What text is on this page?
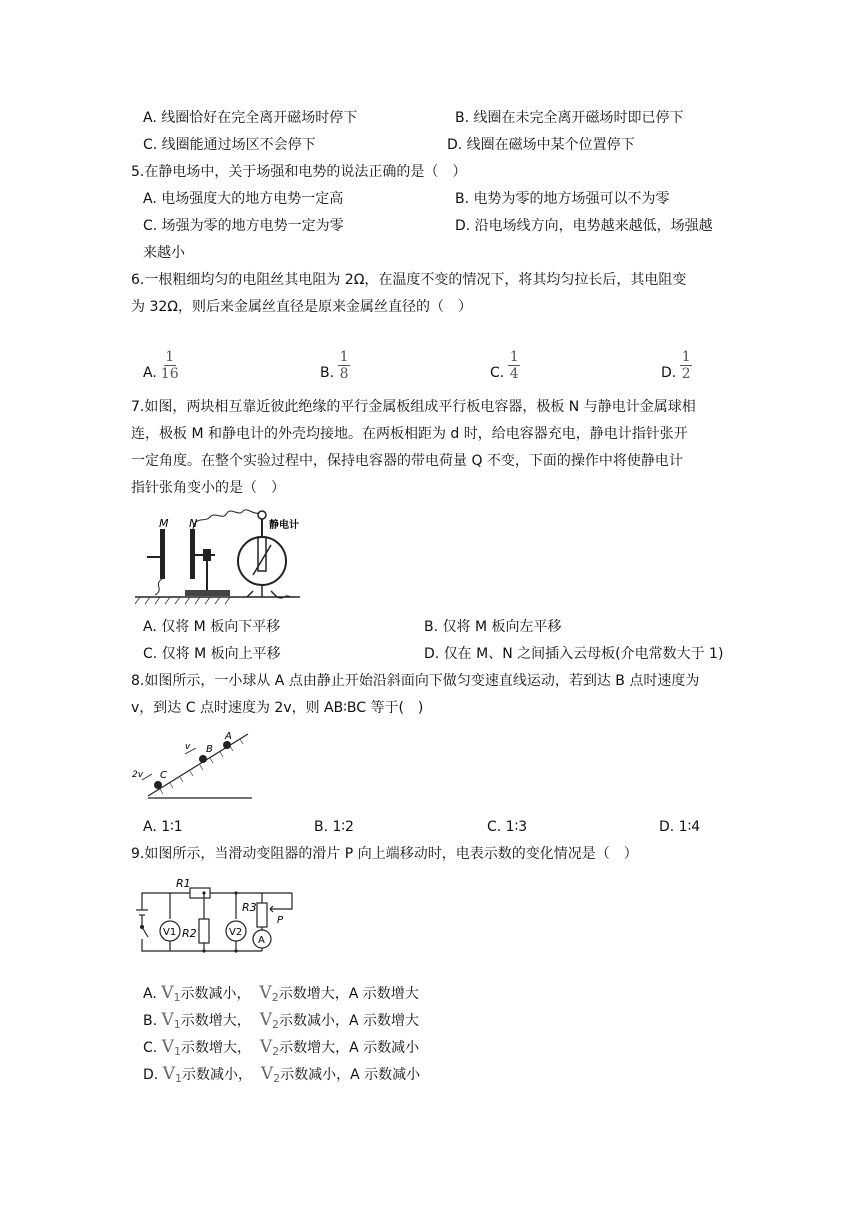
A. 线圈恰好在完全离开磁场时停下	B. 线圈在未完全离开磁场时即已停下
C. 线圈能通过场区不会停下	D. 线圈在磁场中某个位置停下
5.在静电场中，关于场强和电势的说法正确的是（　）
A. 电场强度大的地方电势一定高	B. 电势为零的地方场强可以不为零
C. 场强为零的地方电势一定为零	D. 沿电场线方向，电势越来越低，场强越
来越小
6.一根粗细均匀的电阻丝其电阻为 2Ω，在温度不变的情况下，将其均匀拉长后，其电阻变
为 32Ω，则后来金属丝直径是原来金属丝直径的（　）
A.
1
16	B.
1
8	C.
1
4	D.
1
2
7.如图，两块相互靠近彼此绝缘的平行金属板组成平行板电容器，极板 N 与静电计金属球相
连，极板 M 和静电计的外壳均接地。在两板相距为 d 时，给电容器充电，静电计指针张开
一定角度。在整个实验过程中，保持电容器的带电荷量 Q 不变，下面的操作中将使静电计
指针张角变小的是（　）
M N	静电计
A. 仅将 M 板向下平移	B. 仅将 M 板向左平移
C. 仅将 M 板向上平移	D. 仅在 M、N 之间插入云母板(介电常数大于 1)
8.如图所示，一小球从 A 点由静止开始沿斜面向下做匀变速直线运动，若到达 B 点时速度为
v，到达 C 点时速度为 2v，则 AB∶BC 等于(　)
A
B
v
C
2v
A. 1∶1	B. 1∶2	C. 1∶3	D. 1∶4
9.如图所示，当滑动变阻器的滑片 P 向上端移动时，电表示数的变化情况是（　）
R1
R2
R3
V1	V2
A
P
A. $V_1$示数减小， $V_2$示数增大，A 示数增大
B. $V_1$示数增大， $V_2$示数减小，A 示数增大
C. $V_1$示数增大， $V_2$示数增大，A 示数减小
D. $V_1$示数减小， $V_2$示数减小，A 示数减小
